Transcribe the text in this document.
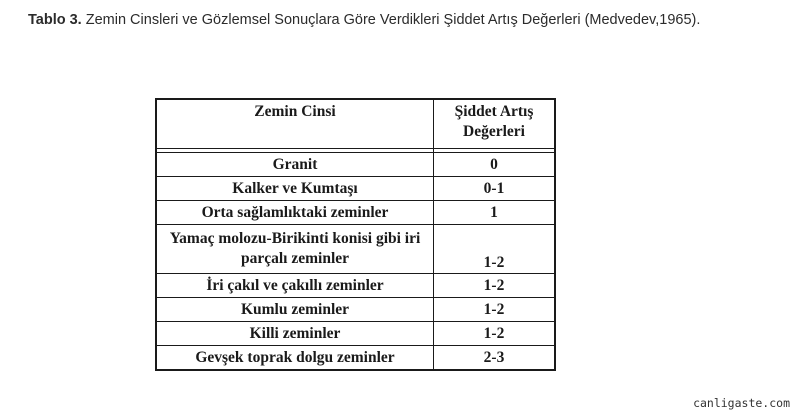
Tablo 3. Zemin Cinsleri ve Gözlemsel Sonuçlara Göre Verdikleri Şiddet Artış Değerleri (Medvedev,1965).
Zemin Cinsi	Şiddet Artış Değerleri

Granit	0
Kalker ve Kumtaşı	0-1
Orta sağlamlıktaki zeminler	1
Yamaç molozu-Birikinti konisi gibi iri parçalı zeminler	1-2
İri çakıl ve çakıllı zeminler	1-2
Kumlu zeminler	1-2
Killi zeminler	1-2
Gevşek toprak dolgu zeminler	2-3
canligaste.com
